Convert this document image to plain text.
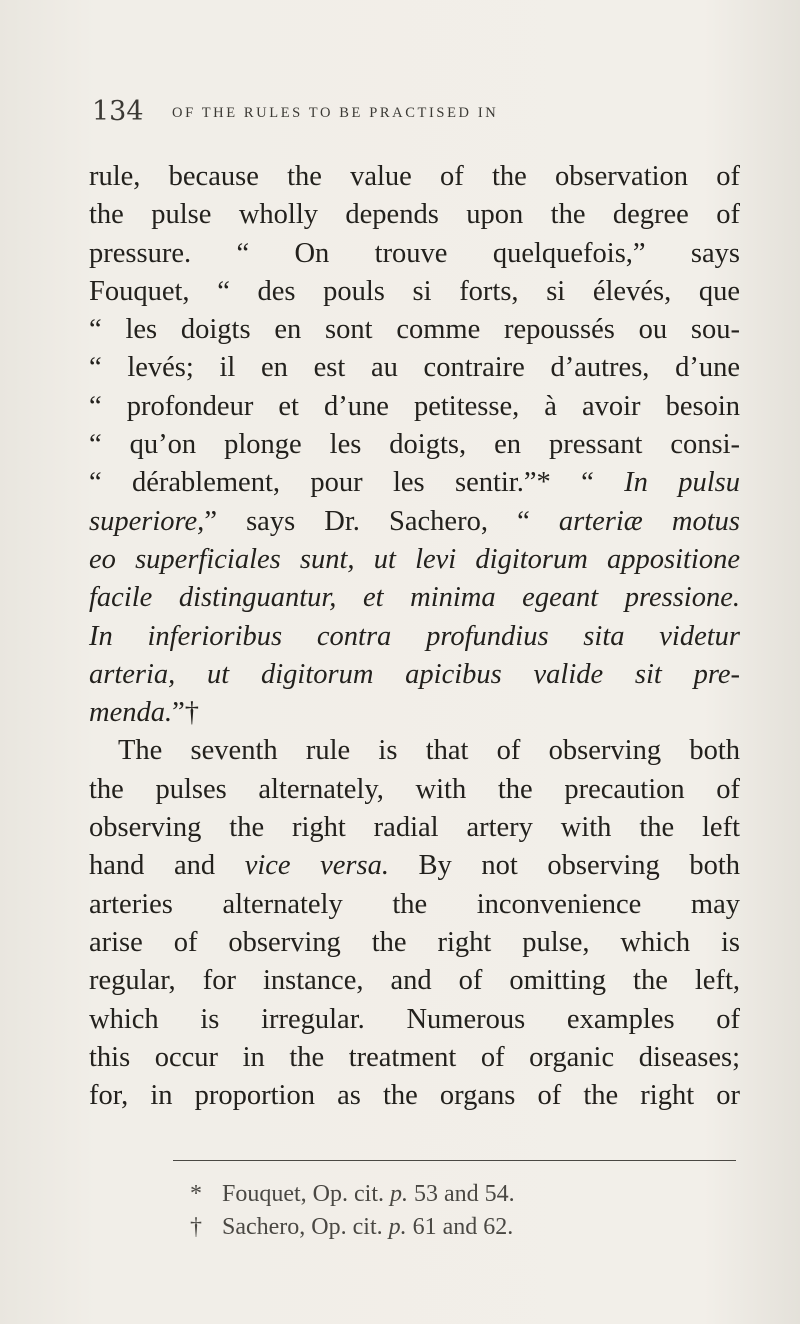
134 OF THE RULES TO BE PRACTISED IN
rule, because the value of the observation of
the pulse wholly depends upon the degree of
pressure. “ On trouve quelquefois,” says
Fouquet, “ des pouls si forts, si élevés, que
“ les doigts en sont comme repoussés ou sou-
“ levés; il en est au contraire d’autres, d’une
“ profondeur et d’une petitesse, à avoir besoin
“ qu’on plonge les doigts, en pressant consi-
“ dérablement, pour les sentir.”* “ In pulsu
superiore,” says Dr. Sachero, “ arteriæ motus
eo superficiales sunt, ut levi digitorum appositione
facile distinguantur, et minima egeant pressione.
In inferioribus contra profundius sita videtur
arteria, ut digitorum apicibus valide sit pre-
menda.”†
The seventh rule is that of observing both
the pulses alternately, with the precaution of
observing the right radial artery with the left
hand and vice versa. By not observing both
arteries alternately the inconvenience may
arise of observing the right pulse, which is
regular, for instance, and of omitting the left,
which is irregular. Numerous examples of
this occur in the treatment of organic diseases;
for, in proportion as the organs of the right or
* Fouquet, Op. cit. p. 53 and 54.
† Sachero, Op. cit. p. 61 and 62.
